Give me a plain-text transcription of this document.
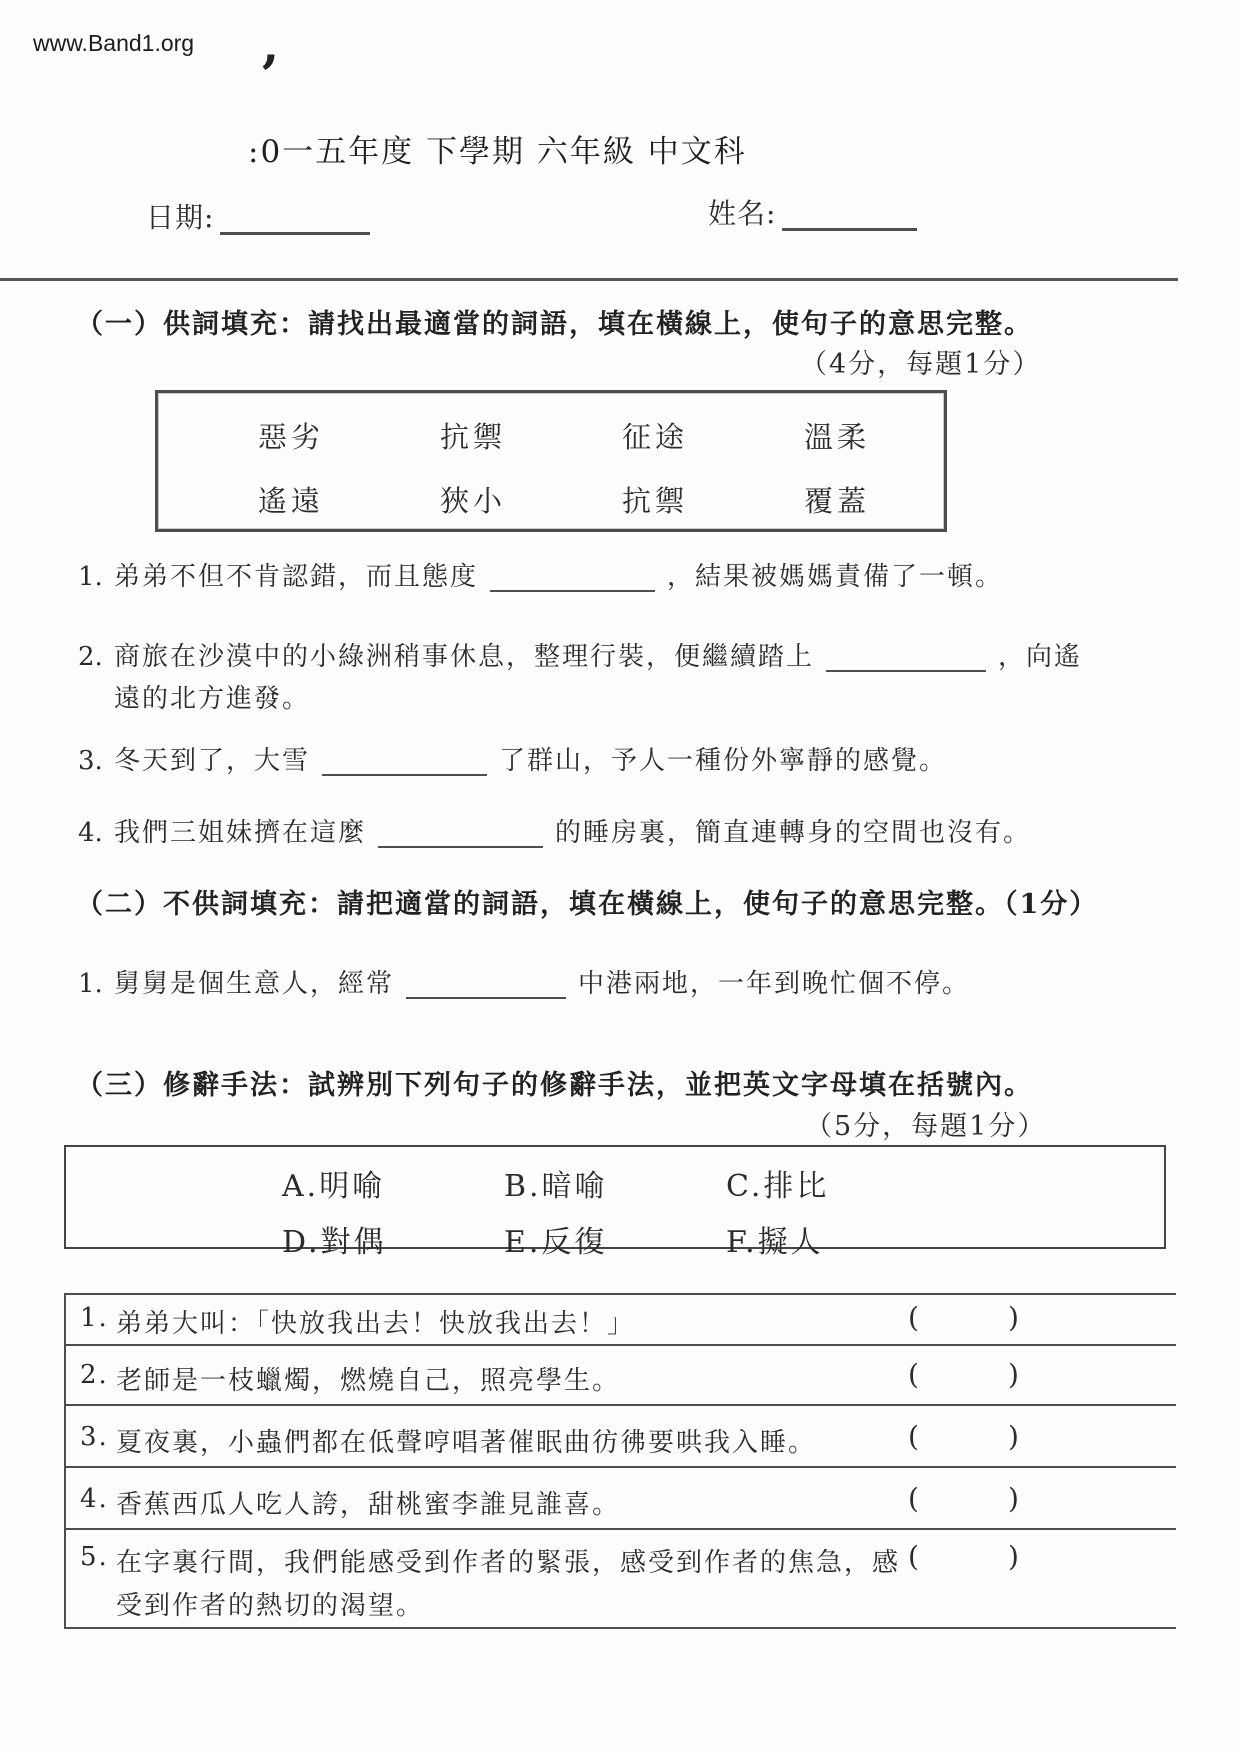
www.Band1.org ’
:0一五年度 下學期 六年級 中文科
日期:	姓名:
（一）供詞填充：請找出最適當的詞語，填在橫線上，使句子的意思完整。
（4分，每題1分）
惡劣	抗禦	征途	溫柔
遙遠	狹小	抗禦	覆蓋
1. 弟弟不但不肯認錯，而且態度	，結果被媽媽責備了一頓。
2. 商旅在沙漠中的小綠洲稍事休息，整理行裝，便繼續踏上	，向遙
遠的北方進發。
3. 冬天到了，大雪	了群山，予人一種份外寧靜的感覺。
4. 我們三姐妹擠在這麼	的睡房裏，簡直連轉身的空間也沒有。
（二）不供詞填充：請把適當的詞語，填在橫線上，使句子的意思完整。（1分）
1. 舅舅是個生意人，經常	中港兩地，一年到晚忙個不停。
（三）修辭手法：試辨別下列句子的修辭手法，並把英文字母填在括號內。
（5分，每題1分）
A.明喻	B.暗喻	C.排比
D.對偶	E.反復	F.擬人
1. 弟弟大叫：「快放我出去！快放我出去！」	(	)
2. 老師是一枝蠟燭，燃燒自己，照亮學生。	(	)
3. 夏夜裏，小蟲們都在低聲哼唱著催眠曲彷彿要哄我入睡。	(	)
4. 香蕉西瓜人吃人誇，甜桃蜜李誰見誰喜。	(	)
5. 在字裏行間，我們能感受到作者的緊張，感受到作者的焦急，感
受到作者的熱切的渴望。
(	)
